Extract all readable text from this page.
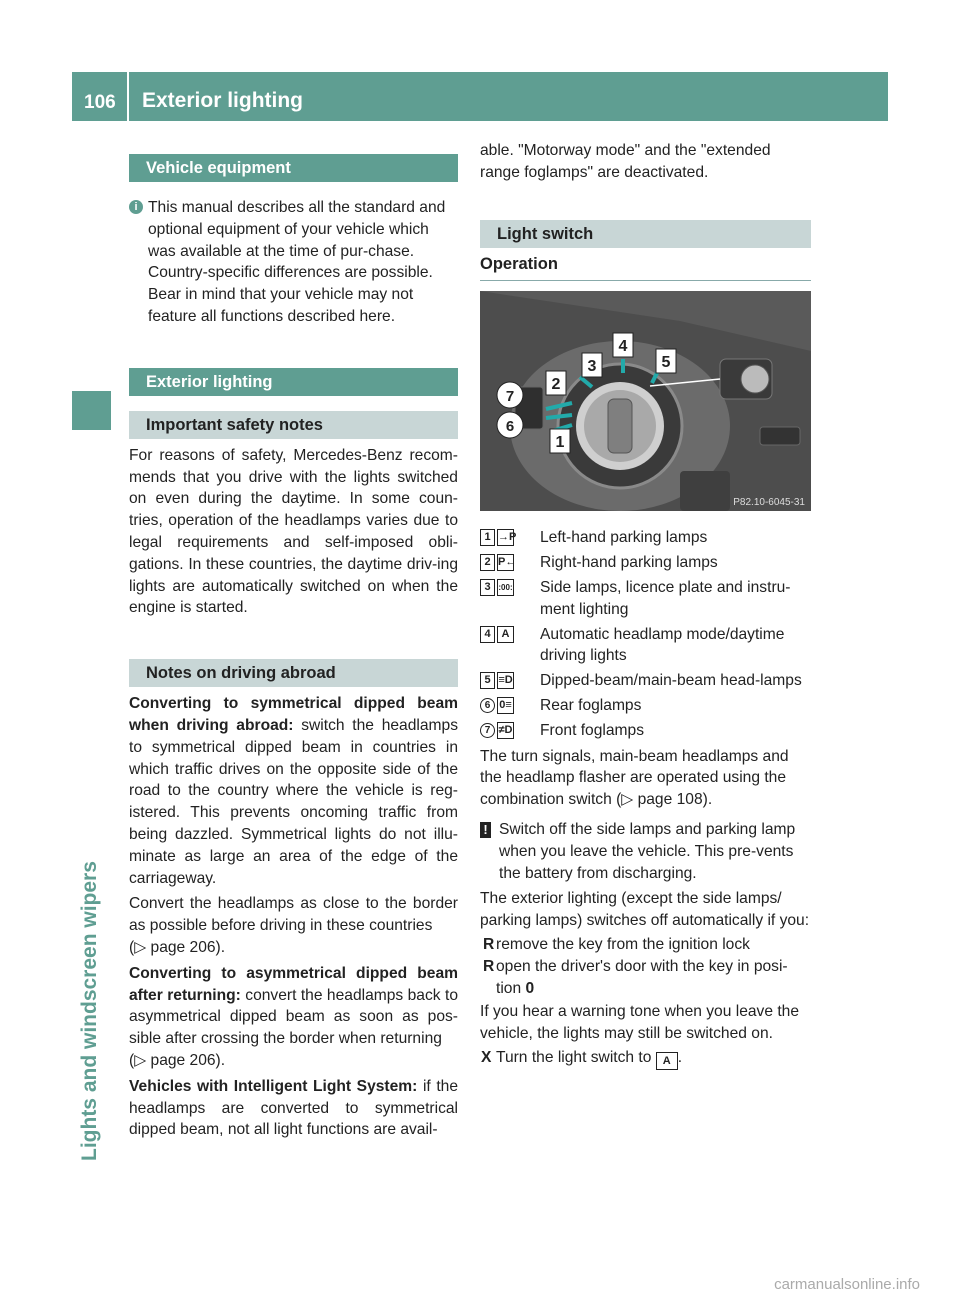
106 Exterior lighting
Lights and windscreen wipers
Vehicle equipment
i This manual describes all the standard and optional equipment of your vehicle which was available at the time of pur-chase. Country-specific differences are possible. Bear in mind that your vehicle may not feature all functions described here.
Exterior lighting
Important safety notes

For reasons of safety, Mercedes-Benz recom-mends that you drive with the lights switched on even during the daytime. In some coun-tries, operation of the headlamps varies due to legal requirements and self-imposed obli-gations. In these countries, the daytime driv-ing lights are automatically switched on when the engine is started.

Notes on driving abroad

Converting to symmetrical dipped beam when driving abroad: switch the headlamps to symmetrical dipped beam in countries in which traffic drives on the opposite side of the road to the country where the vehicle is reg-istered. This prevents oncoming traffic from being dazzled. Symmetrical lights do not illu-minate as large an area of the edge of the carriageway.

Convert the headlamps as close to the border as possible before driving in these countries
(▷ page 206).

Converting to asymmetrical dipped beam after returning: convert the headlamps back to asymmetrical dipped beam as soon as pos-sible after crossing the border when returning
(▷ page 206).

Vehicles with Intelligent Light System: if the headlamps are converted to symmetrical dipped beam, not all light functions are avail-

able. "Motorway mode" and the "extended range foglamps" are deactivated.

Light switch
Operation
1
2
3
4
5
6
7
P82.10-6045-31
1 →P Left-hand parking lamps
2 P← Right-hand parking lamps
3 :00: Side lamps, licence plate and instru-ment lighting
4 A Automatic headlamp mode/daytime driving lights
5 ≡D Dipped-beam/main-beam head-lamps
6 0≡ Rear foglamps
7 ≠D Front foglamps

The turn signals, main-beam headlamps and the headlamp flasher are operated using the combination switch (▷ page 108).

! Switch off the side lamps and parking lamp when you leave the vehicle. This pre-vents the battery from discharging.

The exterior lighting (except the side lamps/ parking lamps) switches off automatically if you:

R remove the key from the ignition lock
R open the driver's door with the key in posi-tion 0

If you hear a warning tone when you leave the vehicle, the lights may still be switched on.

X Turn the light switch to A .
carmanualsonline.info
